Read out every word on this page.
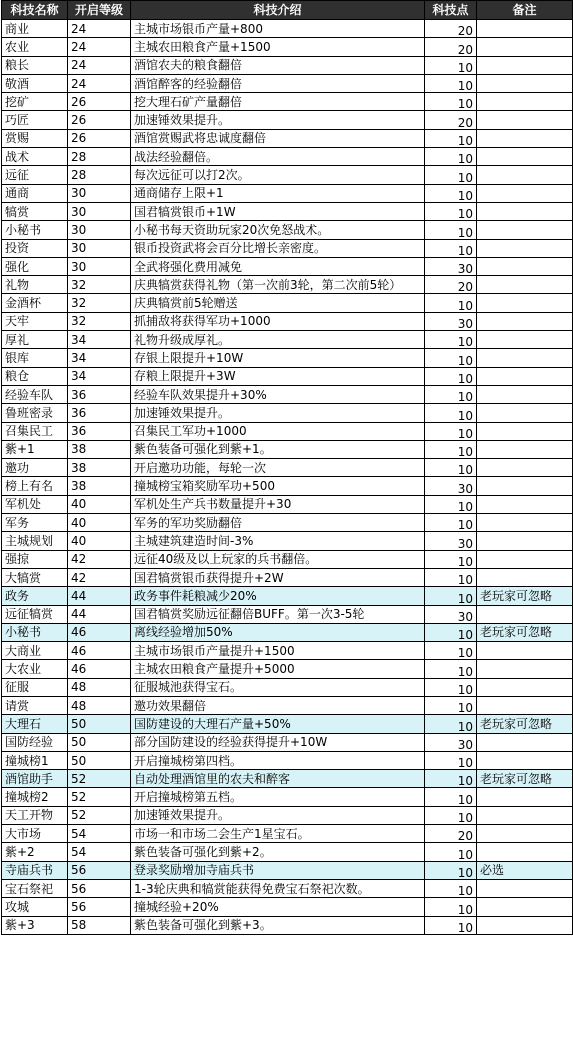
科技名称	开启等级	科技介绍	科技点	备注
商业	24	主城市场银币产量+800	20	
农业	24	主城农田粮食产量+1500	20	
粮长	24	酒馆农夫的粮食翻倍	10	
敬酒	24	酒馆醉客的经验翻倍	10	
挖矿	26	挖大理石矿产量翻倍	10	
巧匠	26	加速锤效果提升。	20	
赏赐	26	酒馆赏赐武将忠诚度翻倍	10	
战术	28	战法经验翻倍。	10	
远征	28	每次远征可以打2次。	10	
通商	30	通商储存上限+1	10	
犒赏	30	国君犒赏银币+1W	10	
小秘书	30	小秘书每天资助玩家20次免怒战术。	10	
投资	30	银币投资武将会百分比增长亲密度。	10	
强化	30	全武将强化费用减免	30	
礼物	32	庆典犒赏获得礼物（第一次前3轮，第二次前5轮）	20	
金酒杯	32	庆典犒赏前5轮赠送	10	
天牢	32	抓捕敌将获得军功+1000	30	
厚礼	34	礼物升级成厚礼。	10	
银库	34	存银上限提升+10W	10	
粮仓	34	存粮上限提升+3W	10	
经验车队	36	经验车队效果提升+30%	10	
鲁班密录	36	加速锤效果提升。	10	
召集民工	36	召集民工军功+1000	10	
紫+1	38	紫色装备可强化到紫+1。	10	
邀功	38	开启邀功功能，每轮一次	10	
榜上有名	38	撞城榜宝箱奖励军功+500	30	
军机处	40	军机处生产兵书数量提升+30	10	
军务	40	军务的军功奖励翻倍	10	
主城规划	40	主城建筑建造时间-3%	30	
强掠	42	远征40级及以上玩家的兵书翻倍。	10	
大犒赏	42	国君犒赏银币获得提升+2W	10	
政务	44	政务事件耗粮减少20%	10	老玩家可忽略
远征犒赏	44	国君犒赏奖励远征翻倍BUFF。第一次3-5轮	30	
小秘书	46	离线经验增加50%	10	老玩家可忽略
大商业	46	主城市场银币产量提升+1500	10	
大农业	46	主城农田粮食产量提升+5000	10	
征服	48	征服城池获得宝石。	10	
请赏	48	邀功效果翻倍	10	
大理石	50	国防建设的大理石产量+50%	10	老玩家可忽略
国防经验	50	部分国防建设的经验获得提升+10W	30	
撞城榜1	50	开启撞城榜第四档。	10	
酒馆助手	52	自动处理酒馆里的农夫和醉客	10	老玩家可忽略
撞城榜2	52	开启撞城榜第五档。	10	
天工开物	52	加速锤效果提升。	10	
大市场	54	市场一和市场二会生产1星宝石。	20	
紫+2	54	紫色装备可强化到紫+2。	10	
寺庙兵书	56	登录奖励增加寺庙兵书	10	必选
宝石祭祀	56	1-3轮庆典和犒赏能获得免费宝石祭祀次数。	10	
攻城	56	撞城经验+20%	10	
紫+3	58	紫色装备可强化到紫+3。	10	
